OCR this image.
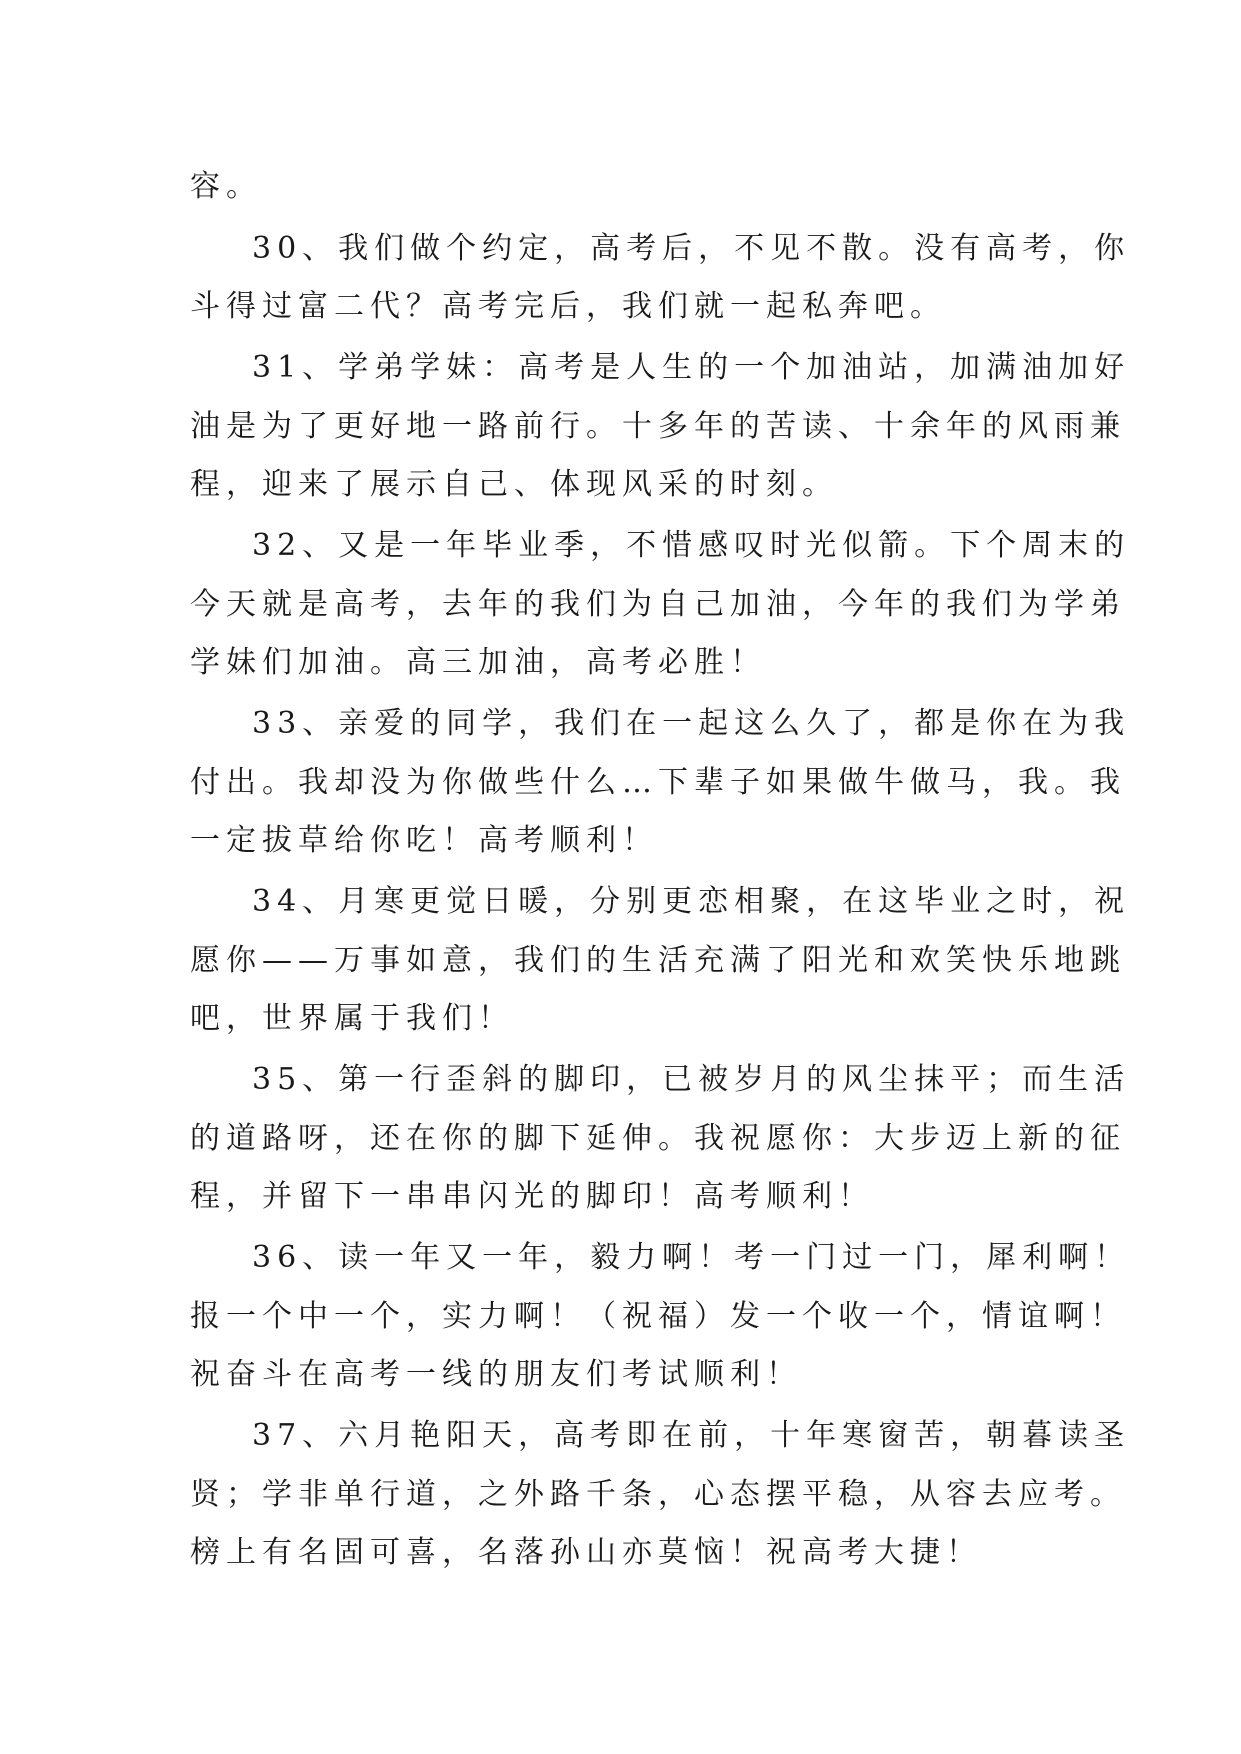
容。

30、我们做个约定，高考后，不见不散。没有高考，你

斗得过富二代？高考完后，我们就一起私奔吧。

31、学弟学妹：高考是人生的一个加油站，加满油加好

油是为了更好地一路前行。十多年的苦读、十余年的风雨兼

程，迎来了展示自己、体现风采的时刻。

32、又是一年毕业季，不惜感叹时光似箭。下个周末的

今天就是高考，去年的我们为自己加油，今年的我们为学弟

学妹们加油。高三加油，高考必胜！

33、亲爱的同学，我们在一起这么久了，都是你在为我

付出。我却没为你做些什么…下辈子如果做牛做马，我。我

一定拔草给你吃！高考顺利！

34、月寒更觉日暖，分别更恋相聚，在这毕业之时，祝

愿你——万事如意，我们的生活充满了阳光和欢笑快乐地跳

吧，世界属于我们！

35、第一行歪斜的脚印，已被岁月的风尘抹平；而生活

的道路呀，还在你的脚下延伸。我祝愿你：大步迈上新的征

程，并留下一串串闪光的脚印！高考顺利！

36、读一年又一年，毅力啊！考一门过一门，犀利啊！

报一个中一个，实力啊！（祝福）发一个收一个，情谊啊！

祝奋斗在高考一线的朋友们考试顺利！

37、六月艳阳天，高考即在前，十年寒窗苦，朝暮读圣

贤；学非单行道，之外路千条，心态摆平稳，从容去应考。

榜上有名固可喜，名落孙山亦莫恼！祝高考大捷！
